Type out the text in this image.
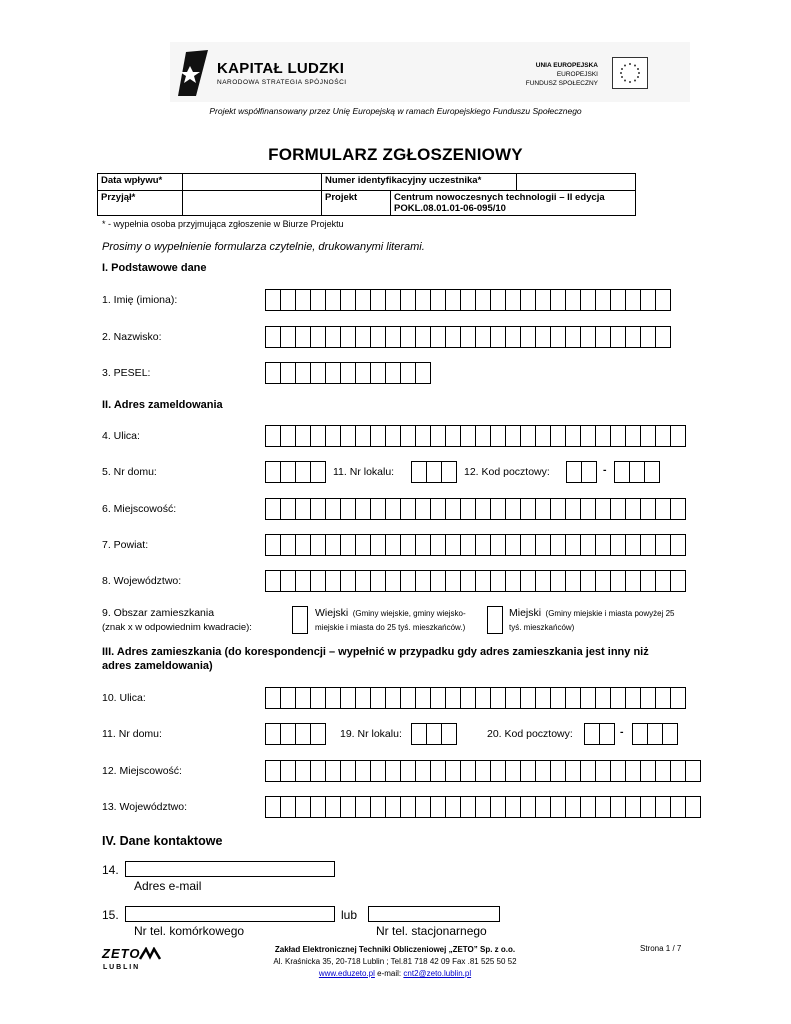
KAPITAŁ LUDZKI
NARODOWA STRATEGIA SPÓJNOŚCI
UNIA EUROPEJSKA
EUROPEJSKI
FUNDUSZ SPOŁECZNY
Projekt współfinansowany przez Unię Europejską w ramach Europejskiego Funduszu Społecznego
FORMULARZ ZGŁOSZENIOWY
Data wpływu*		Numer identyfikacyjny uczestnika*		
Przyjął*		Projekt	Centrum nowoczesnych technologii – II edycja
POKL.08.01.01-06-095/10	
* - wypełnia osoba przyjmująca zgłoszenie w Biurze Projektu
Prosimy o wypełnienie formularza czytelnie, drukowanymi literami.
I. Podstawowe dane
1. Imię (imiona):
2. Nazwisko:
3. PESEL:
II. Adres zameldowania
4. Ulica:
5. Nr domu:	11. Nr lokalu:	12. Kod pocztowy:	-
6. Miejscowość:
7. Powiat:
8. Województwo:
9. Obszar zamieszkania
(znak x w odpowiednim kwadracie):
Wiejski (Gminy wiejskie, gminy wiejsko-
miejskie i miasta do 25 tyś. mieszkańców.)
Miejski (Gminy miejskie i miasta powyżej 25
tyś. mieszkańców)
III. Adres zamieszkania (do korespondencji – wypełnić w przypadku gdy adres zamieszkania jest inny niż
adres zameldowania)
10. Ulica:
11. Nr domu:	19. Nr lokalu:	20. Kod pocztowy:	-
12. Miejscowość:
13. Województwo:
IV. Dane kontaktowe
14.
Adres e-mail
15.	lub
Nr tel. komórkowego	Nr tel. stacjonarnego
ZETO
L U B L I N
Zakład Elektronicznej Techniki Obliczeniowej „ZETO” Sp. z o.o.
Al. Kraśnicka 35, 20-718 Lublin ; Tel.81 718 42 09 Fax .81 525 50 52
www.eduzeto.pl e-mail: cnt2@zeto.lublin.pl
Strona 1 / 7
